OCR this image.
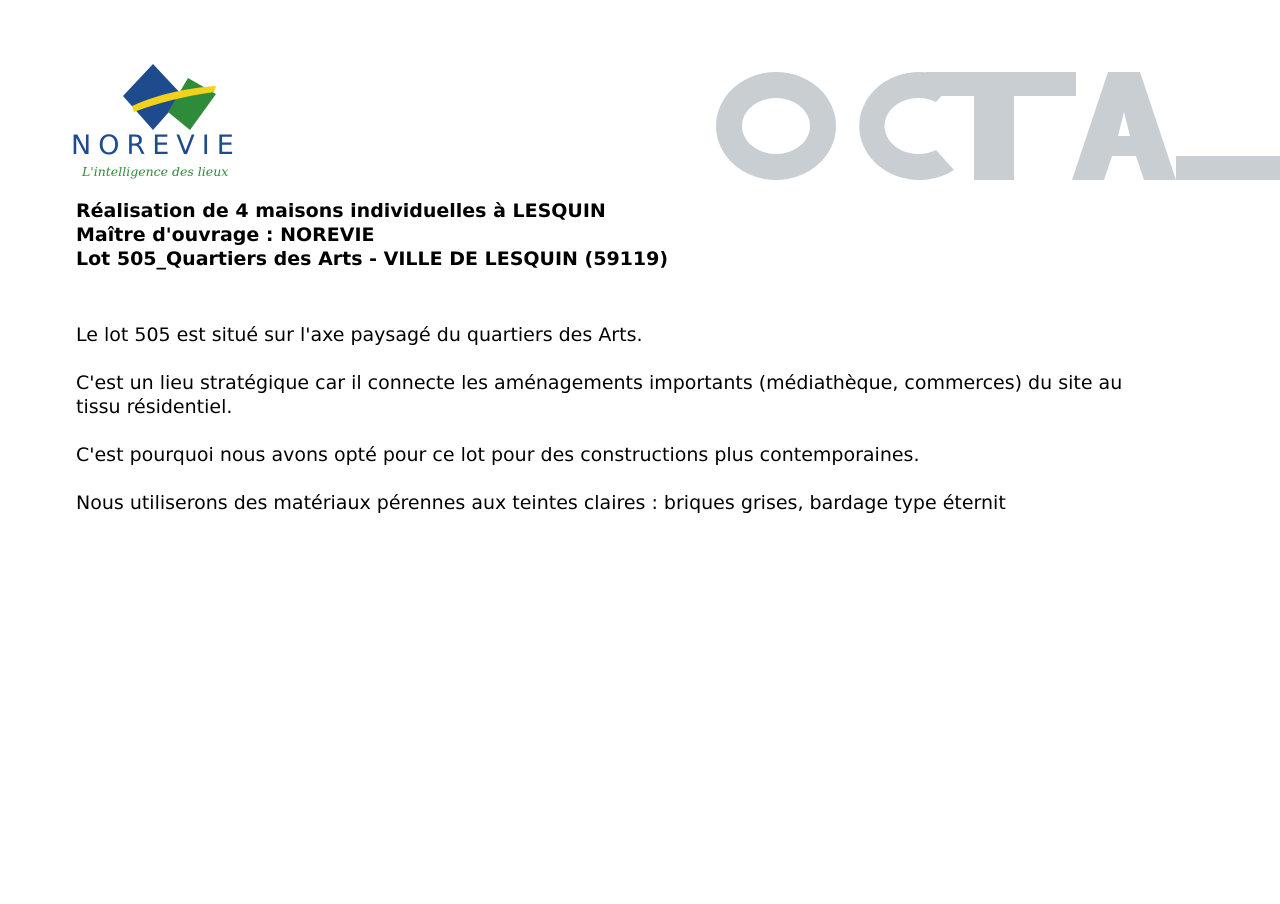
NOREVIE
L'intelligence des lieux
Réalisation de 4 maisons individuelles à LESQUIN
Maître d'ouvrage : NOREVIE
Lot 505_Quartiers des Arts - VILLE DE LESQUIN (59119)

Le lot 505 est situé sur l'axe paysagé du quartiers des Arts.

C'est un lieu stratégique car il connecte les aménagements importants (médiathèque, commerces) du site au tissu résidentiel.

C'est pourquoi nous avons opté pour ce lot pour des constructions plus contemporaines.

Nous utiliserons des matériaux pérennes aux teintes claires : briques grises, bardage type éternit
